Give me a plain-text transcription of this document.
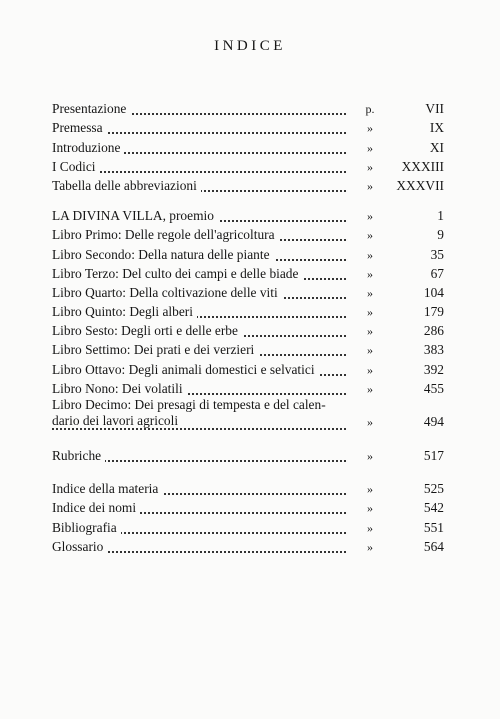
INDICE
Presentazione	p.	VII
Premessa	»	IX
Introduzione	»	XI
I Codici	»	XXXIII
Tabella delle abbreviazioni	»	XXXVII
LA DIVINA VILLA, proemio	»	1
Libro Primo: Delle regole dell'agricoltura	»	9
Libro Secondo: Della natura delle piante	»	35
Libro Terzo: Del culto dei campi e delle biade	»	67
Libro Quarto: Della coltivazione delle viti	»	104
Libro Quinto: Degli alberi	»	179
Libro Sesto: Degli orti e delle erbe	»	286
Libro Settimo: Dei prati e dei verzieri	»	383
Libro Ottavo: Degli animali domestici e selvatici	»	392
Libro Nono: Dei volatili	»	455
Libro Decimo: Dei presagi di tempesta e del calen-
dario dei lavori agricoli	»	494
Rubriche	»	517
Indice della materia	»	525
Indice dei nomi	»	542
Bibliografia	»	551
Glossario	»	564
